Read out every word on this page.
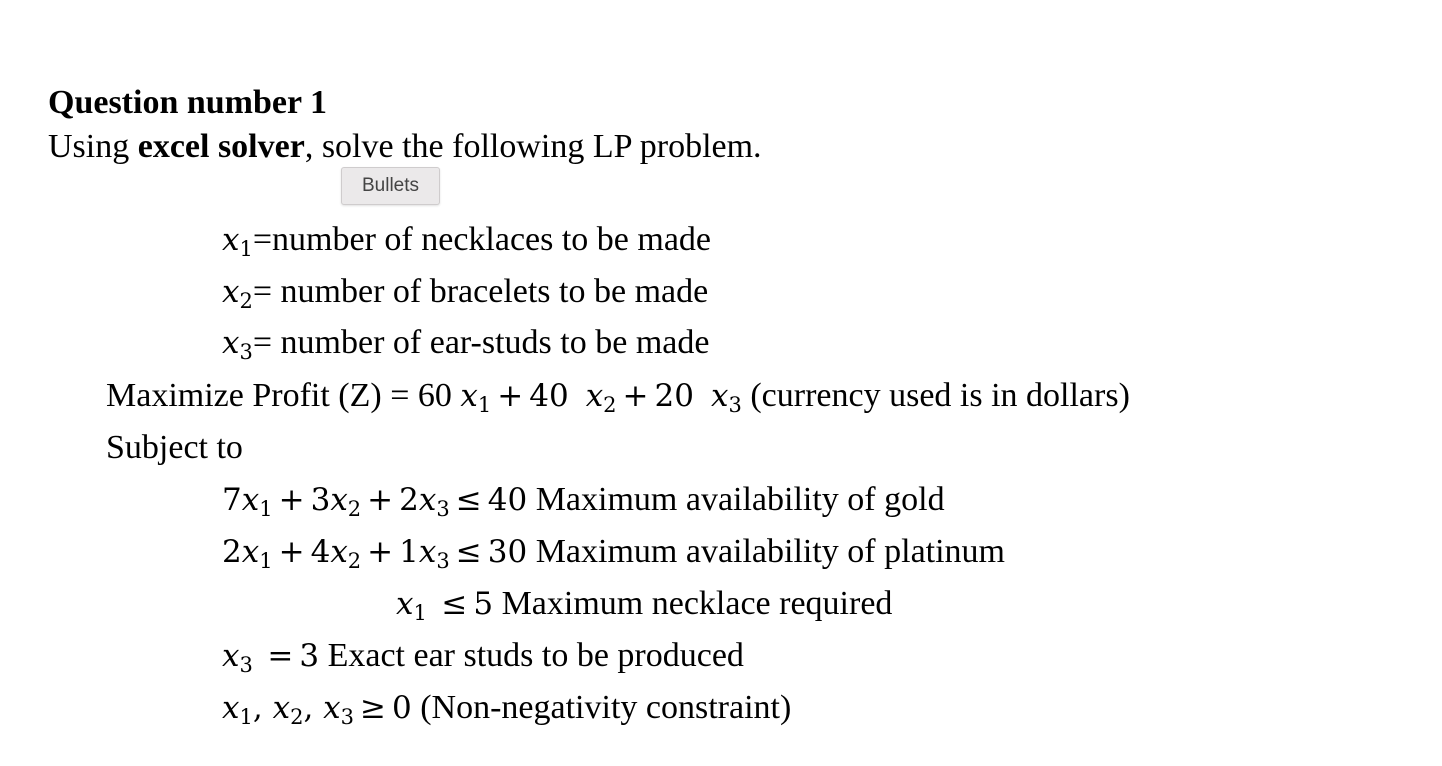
Question number 1
Using excel solver, solve the following LP problem.
Bullets
$x_1=number$ of necklaces to be made
$x_2=$ number of bracelets to be made
$x_3=$ number of ear-studs to be made
Maximize Profit (Z) = 60 $x_1 + 40$ $x_2 + 20$ $x_3$ (currency used is in dollars)
Subject to
$7x_1 + 3x_2 + 2x_3 \le 40$ Maximum availability of gold
$2x_1 + 4x_2 + 1x_3 \le 30$ Maximum availability of platinum
$x_1 \le 5$ Maximum necklace required
$x_3 = 3$ Exact ear studs to be produced
$x_1$, $x_2$, $x_3 \ge 0$ (Non-negativity constraint)
